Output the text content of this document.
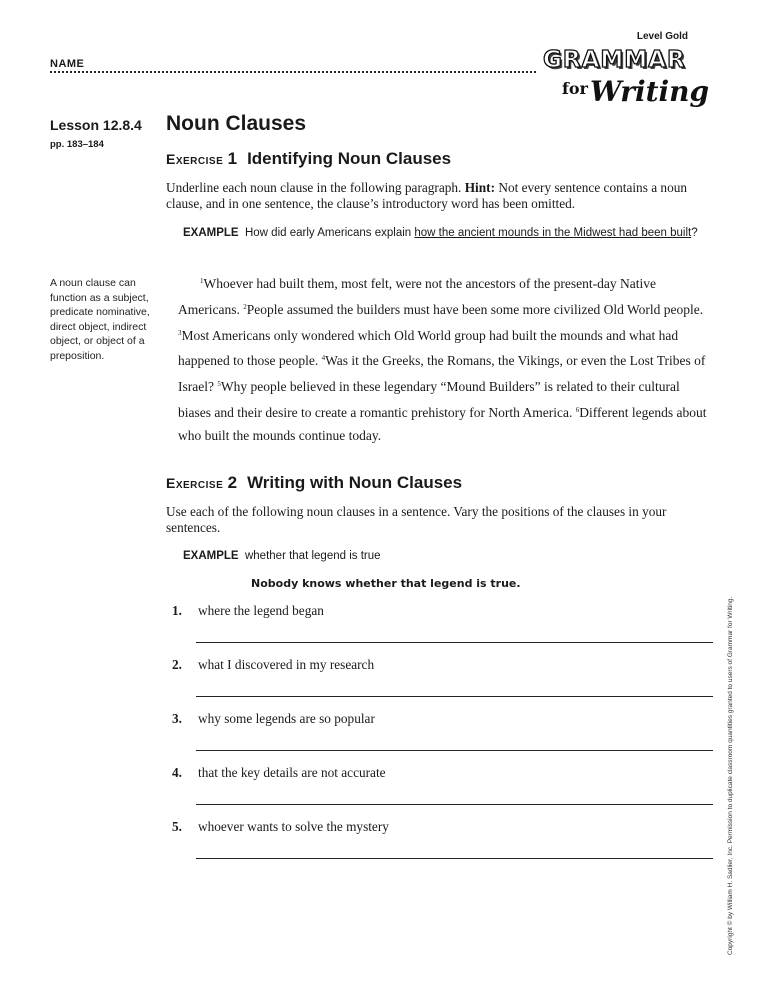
Level Gold
NAME	GRAMMAR
for Writing
Lesson 12.8.4
pp. 183–184
A noun clause can function as a subject, predicate nominative, direct object, indirect object, or object of a preposition.
Noun Clauses
Exercise 1 Identifying Noun Clauses
Underline each noun clause in the following paragraph. Hint: Not every sentence contains a noun clause, and in one sentence, the clause’s introductory word has been omitted.
EXAMPLE How did early Americans explain how the ancient mounds in the Midwest had been built?
$^1$Whoever had built them, most felt, were not the ancestors of the present-day Native Americans. $^2$People assumed the builders must have been some more civilized Old World people. $^3$Most Americans only wondered which Old World group had built the mounds and what had happened to those people. $^4$Was it the Greeks, the Romans, the Vikings, or even the Lost Tribes of Israel? $^5$Why people believed in these legendary “Mound Builders” is related to their cultural biases and their desire to create a romantic prehistory for North America. $^6$Different legends about who built the mounds continue today.
Exercise 2 Writing with Noun Clauses
Use each of the following noun clauses in a sentence. Vary the positions of the clauses in your sentences.
EXAMPLE whether that legend is true
Nobody knows whether that legend is true.
1. where the legend began
2. what I discovered in my research
3. why some legends are so popular
4. that the key details are not accurate
5. whoever wants to solve the mystery	Copyright © by William H. Sadlier, Inc. Permission to duplicate classroom quantities granted to users of Grammar for Writing.
